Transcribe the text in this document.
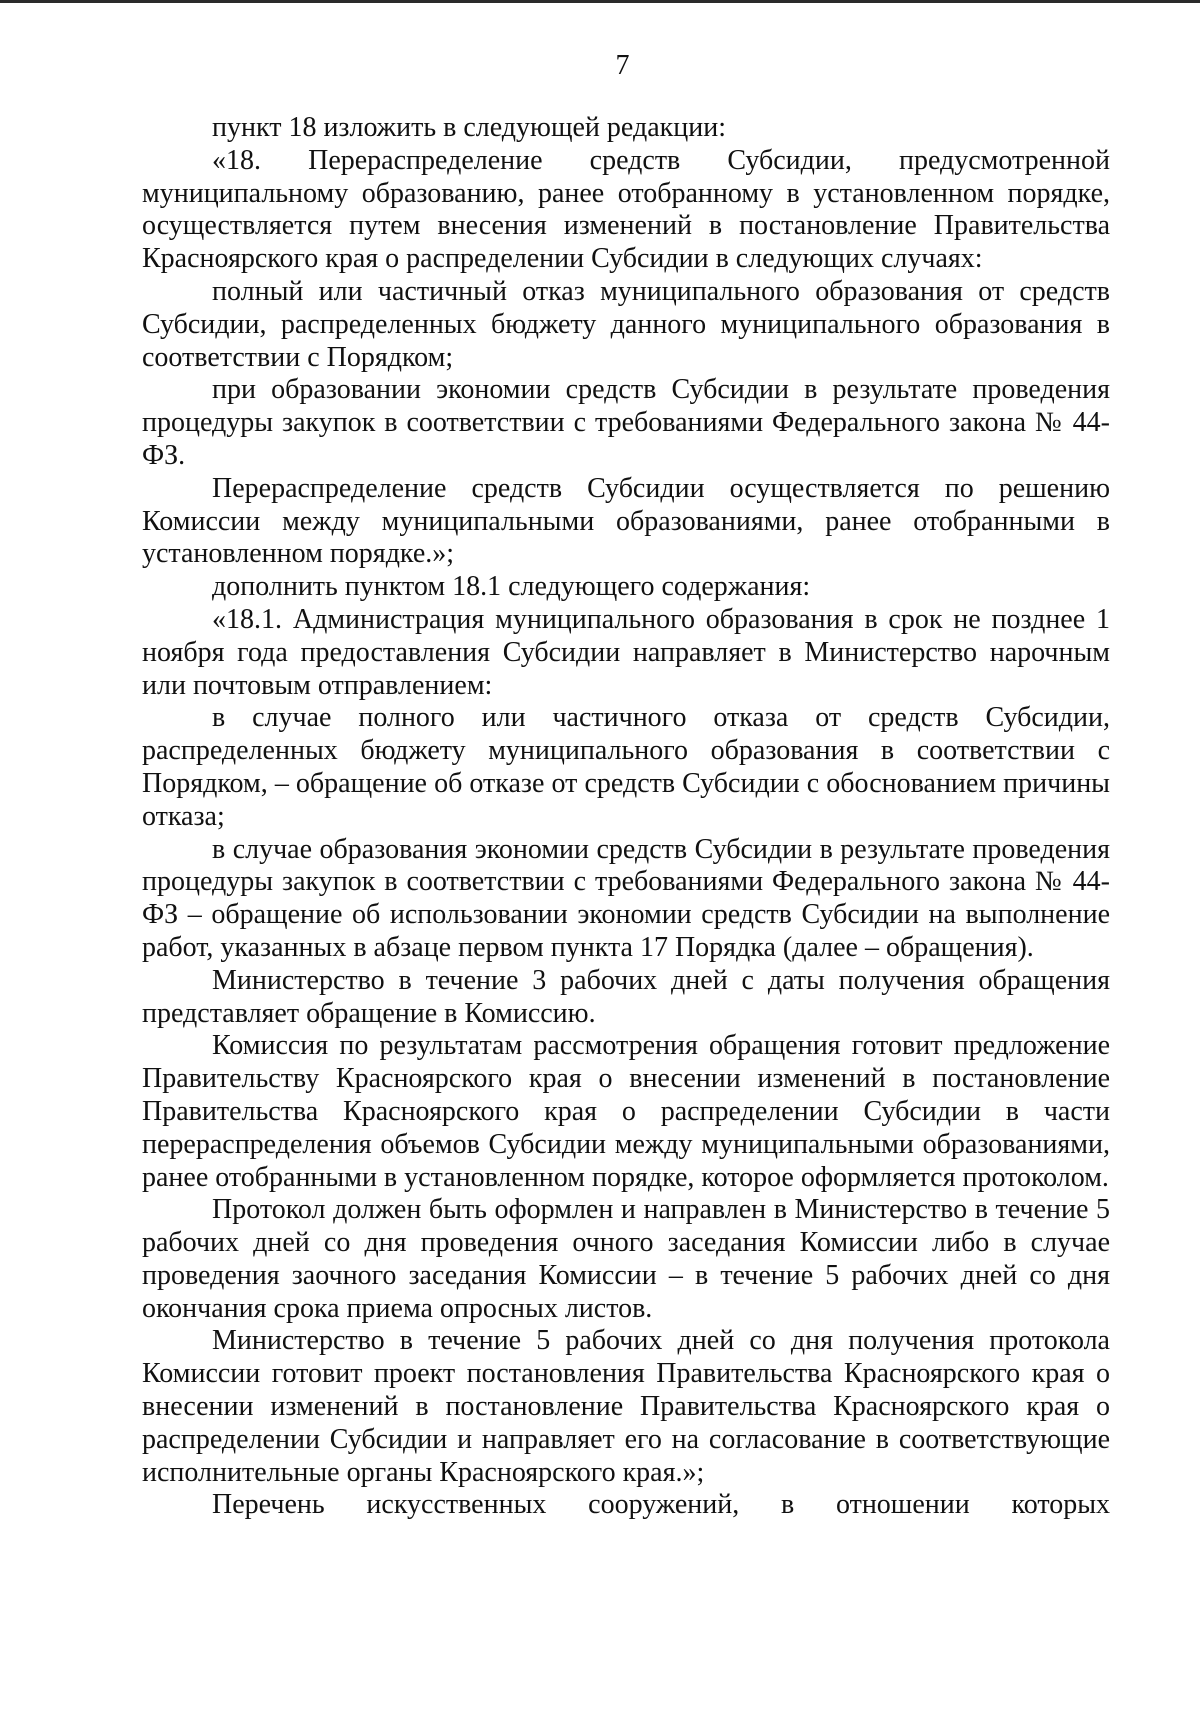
7

пункт 18 изложить в следующей редакции:

«18. Перераспределение средств Субсидии, предусмотренной муниципальному образованию, ранее отобранному в установленном порядке, осуществляется путем внесения изменений в постановление Правительства Красноярского края о распределении Субсидии в следующих случаях:

полный или частичный отказ муниципального образования от средств Субсидии, распределенных бюджету данного муниципального образования в соответствии с Порядком;

при образовании экономии средств Субсидии в результате проведения процедуры закупок в соответствии с требованиями Федерального закона № 44-ФЗ.

Перераспределение средств Субсидии осуществляется по решению Комиссии между муниципальными образованиями, ранее отобранными в установленном порядке.»;

дополнить пунктом 18.1 следующего содержания:

«18.1. Администрация муниципального образования в срок не позднее 1 ноября года предоставления Субсидии направляет в Министерство нарочным или почтовым отправлением:

в случае полного или частичного отказа от средств Субсидии, распределенных бюджету муниципального образования в соответствии с Порядком, – обращение об отказе от средств Субсидии с обоснованием причины отказа;

в случае образования экономии средств Субсидии в результате проведения процедуры закупок в соответствии с требованиями Федерального закона № 44-ФЗ – обращение об использовании экономии средств Субсидии на выполнение работ, указанных в абзаце первом пункта 17 Порядка (далее – обращения).

Министерство в течение 3 рабочих дней с даты получения обращения представляет обращение в Комиссию.

Комиссия по результатам рассмотрения обращения готовит предложение Правительству Красноярского края о внесении изменений в постановление Правительства Красноярского края о распределении Субсидии в части перераспределения объемов Субсидии между муниципальными образованиями, ранее отобранными в установленном порядке, которое оформляется протоколом.

Протокол должен быть оформлен и направлен в Министерство в течение 5 рабочих дней со дня проведения очного заседания Комиссии либо в случае проведения заочного заседания Комиссии – в течение 5 рабочих дней со дня окончания срока приема опросных листов.

Министерство в течение 5 рабочих дней со дня получения протокола Комиссии готовит проект постановления Правительства Красноярского края о внесении изменений в постановление Правительства Красноярского края о распределении Субсидии и направляет его на согласование в соответствующие исполнительные органы Красноярского края.»;

Перечень искусственных сооружений, в отношении которых
